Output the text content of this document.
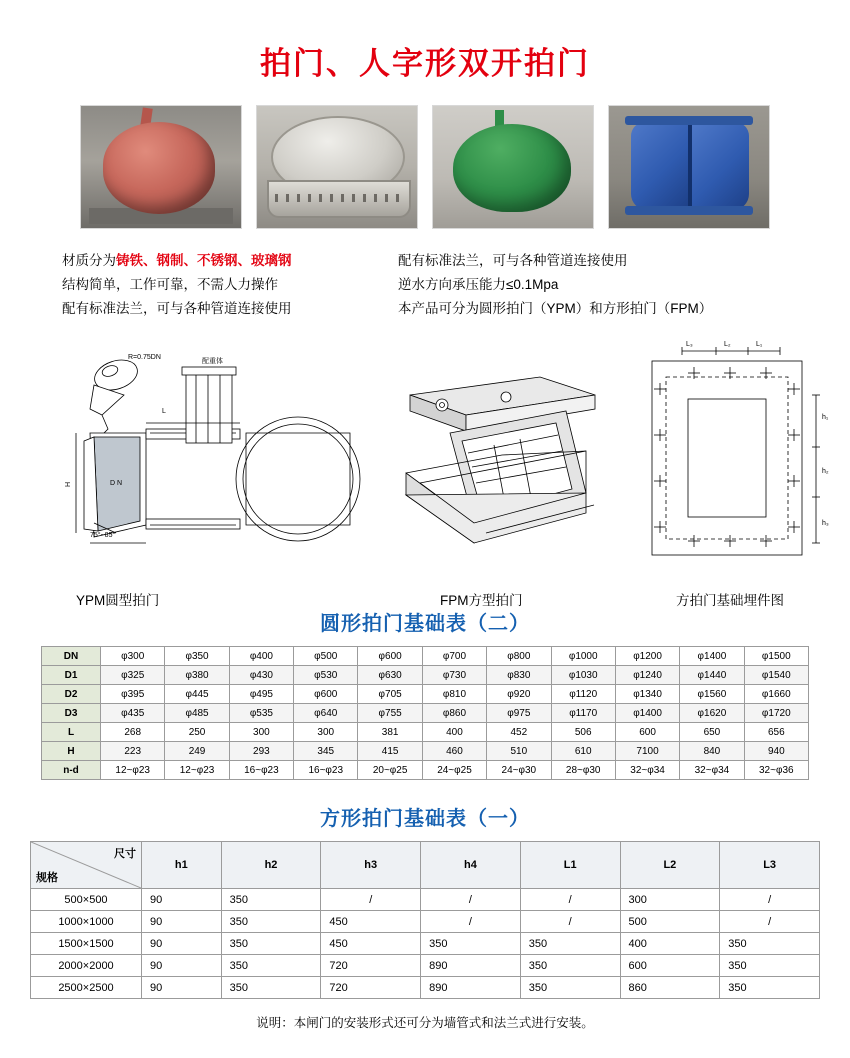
拍门、人字形双开拍门
材质分为铸铁、钢制、不锈钢、玻璃钢
结构简单，工作可靠，不需人力操作
配有标准法兰，可与各种管道连接使用
配有标准法兰，可与各种管道连接使用
逆水方向承压能力≤0.1Mpa
本产品可分为圆形拍门（YPM）和方形拍门（FPM）
R=0.75DN
配重体
H	D N
75°~85°
L
L₃	L₂	L₁
h₁
h₂
h₃
YPM圆型拍门	FPM方型拍门	方拍门基础埋件图
圆形拍门基础表（二）
DN	φ300	φ350	φ400	φ500	φ600	φ700	φ800	φ1000	φ1200	φ1400	φ1500
D1	φ325	φ380	φ430	φ530	φ630	φ730	φ830	φ1030	φ1240	φ1440	φ1540
D2	φ395	φ445	φ495	φ600	φ705	φ810	φ920	φ1120	φ1340	φ1560	φ1660
D3	φ435	φ485	φ535	φ640	φ755	φ860	φ975	φ1170	φ1400	φ1620	φ1720
L	268	250	300	300	381	400	452	506	600	650	656
H	223	249	293	345	415	460	510	610	7100	840	940
n-d	12~φ23	12~φ23	16~φ23	16~φ23	20~φ25	24~φ25	24~φ30	28~φ30	32~φ34	32~φ34	32~φ36
方形拍门基础表（一）
尺寸
规格	h1	h2	h3	h4	L1	L2	L3
500×500	90	350	/	/	/	300	/
1000×1000	90	350	450	/	/	500	/
1500×1500	90	350	450	350	350	400	350
2000×2000	90	350	720	890	350	600	350
2500×2500	90	350	720	890	350	860	350
说明：本闸门的安装形式还可分为墙管式和法兰式进行安装。
